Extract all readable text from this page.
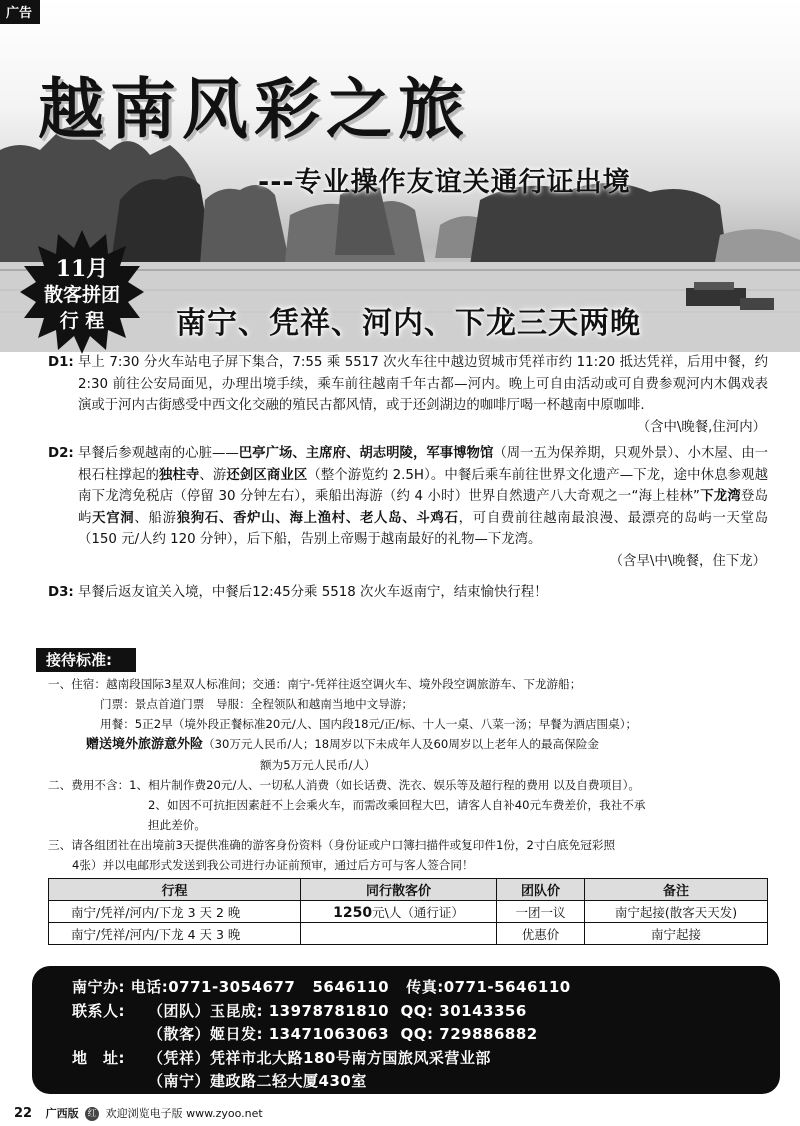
广告
越南风彩之旅
---专业操作友谊关通行证出境
11月
散客拼团
行 程	南宁、凭祥、河内、下龙三天两晚
D1: 早上 7:30 分火车站电子屏下集合，7:55 乘 5517 次火车往中越边贸城市凭祥市约 11:20 抵达凭祥，后用中餐，约 2:30 前往公安局面见，办理出境手续，乘车前往越南千年古都—河内。晚上可自由活动或可自费参观河内木偶戏表演或于河内古街感受中西文化交融的殖民古都风情，或于还剑湖边的咖啡厅喝一杯越南中原咖啡.

（含中\晚餐,住河内）

D2: 早餐后参观越南的心脏——巴亭广场、主席府、胡志明陵，军事博物馆（周一五为保养期，只观外景）、小木屋、由一根石柱撑起的独柱寺、游还剑区商业区（整个游览约 2.5H）。中餐后乘车前往世界文化遗产—下龙，途中休息参观越南下龙湾免税店（停留 30 分钟左右），乘船出海游（约 4 小时）世界自然遗产八大奇观之一“海上桂林”下龙湾登岛屿天宫洞、船游狼狗石、香炉山、海上渔村、老人岛、斗鸡石，可自费前往越南最浪漫、最漂亮的岛屿一天堂岛（150 元/人约 120 分钟），后下船，告别上帝赐于越南最好的礼物—下龙湾。

（含早\中\晚餐，住下龙）

D3: 早餐后返友谊关入境，中餐后12:45分乘 5518 次火车返南宁，结束愉快行程！

接待标准:
一、住宿：越南段国际3星双人标准间；交通：南宁-凭祥往返空调火车、境外段空调旅游车、下龙游船；
门票：景点首道门票　导服：全程领队和越南当地中文导游；
用餐：5正2早（境外段正餐标准20元/人、国内段18元/正/标、十人一桌、八菜一汤；早餐为酒店围桌）；
赠送境外旅游意外险（30万元人民币/人；18周岁以下未成年人及60周岁以上老年人的最高保险金
额为5万元人民币/人）
二、费用不含：1、相片制作费20元/人、一切私人消费（如长话费、洗衣、娱乐等及超行程的费用 以及自费项目）。
2、如因不可抗拒因素赶不上会乘火车，而需改乘回程大巴，请客人自补40元车费差价，我社不承
担此差价。
三、请各组团社在出境前3天提供准确的游客身份资料（身份证或户口簿扫描件或复印件1份，2寸白底免冠彩照
4张）并以电邮形式发送到我公司进行办证前预审，通过后方可与客人签合同！
行程	同行散客价	团队价	备注
南宁/凭祥/河内/下龙 3 天 2 晚	1250元\人（通行证）	一团一议	南宁起接(散客天天发)
南宁/凭祥/河内/下龙 4 天 3 晚		优惠价	南宁起接
南宁办: 电话:0771-3054677 5646110 传真:0771-5646110
联系人: （团队）玉昆成: 13978781810 QQ: 30143356
（散客）姬日发: 13471063063 QQ: 729886882
地　址: （凭祥）凭祥市北大路180号南方国旅风采营业部
（南宁）建政路二轻大厦430室
22 广西版 红 欢迎浏览电子版 www.zyoo.net
